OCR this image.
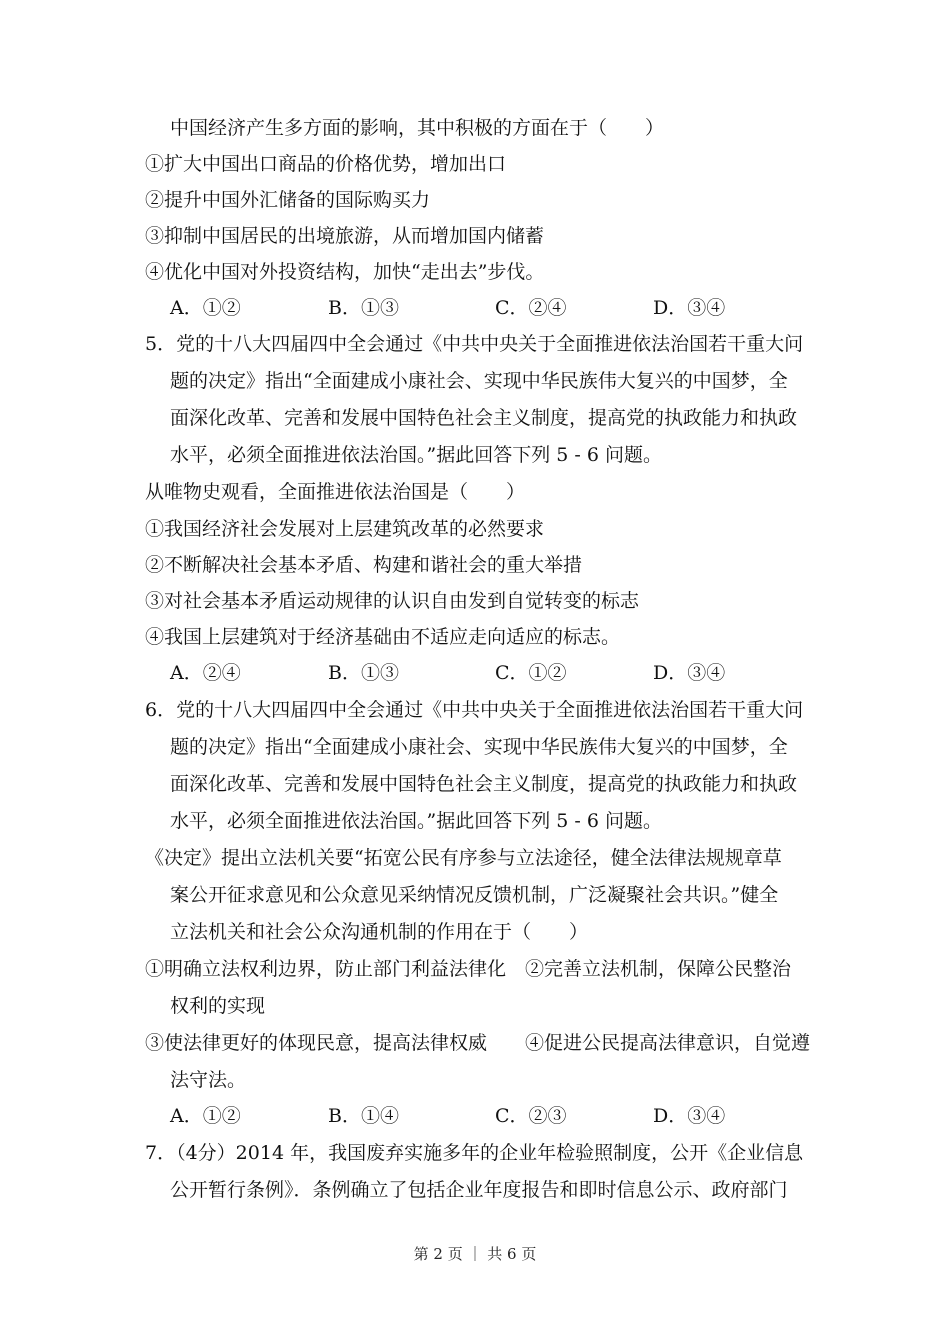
中国经济产生多方面的影响，其中积极的方面在于（　　）
①扩大中国出口商品的价格优势，增加出口
②提升中国外汇储备的国际购买力
③抑制中国居民的出境旅游，从而增加国内储蓄
④优化中国对外投资结构，加快“走出去”步伐。
A．①②	B．①③	C．②④	D．③④
5．党的十八大四届四中全会通过《中共中央关于全面推进依法治国若干重大问
题的决定》指出“全面建成小康社会、实现中华民族伟大复兴的中国梦，全
面深化改革、完善和发展中国特色社会主义制度，提高党的执政能力和执政
水平，必须全面推进依法治国。”据此回答下列 5 - 6 问题。
从唯物史观看，全面推进依法治国是（　　）
①我国经济社会发展对上层建筑改革的必然要求
②不断解决社会基本矛盾、构建和谐社会的重大举措
③对社会基本矛盾运动规律的认识自由发到自觉转变的标志
④我国上层建筑对于经济基础由不适应走向适应的标志。
A．②④	B．①③	C．①②	D．③④
6．党的十八大四届四中全会通过《中共中央关于全面推进依法治国若干重大问
题的决定》指出“全面建成小康社会、实现中华民族伟大复兴的中国梦，全
面深化改革、完善和发展中国特色社会主义制度，提高党的执政能力和执政
水平，必须全面推进依法治国。”据此回答下列 5 - 6 问题。
《决定》提出立法机关要“拓宽公民有序参与立法途径，健全法律法规规章草
案公开征求意见和公众意见采纳情况反馈机制，广泛凝聚社会共识。”健全
立法机关和社会公众沟通机制的作用在于（　　）
①明确立法权利边界，防止部门利益法律化　②完善立法机制，保障公民整治
权利的实现
③使法律更好的体现民意，提高法律权威　　④促进公民提高法律意识，自觉遵
法守法。
A．①②	B．①④	C．②③	D．③④
7．（4分）2014 年，我国废弃实施多年的企业年检验照制度，公开《企业信息
公开暂行条例》．条例确立了包括企业年度报告和即时信息公示、政府部门
第 2 页 ｜ 共 6 页
